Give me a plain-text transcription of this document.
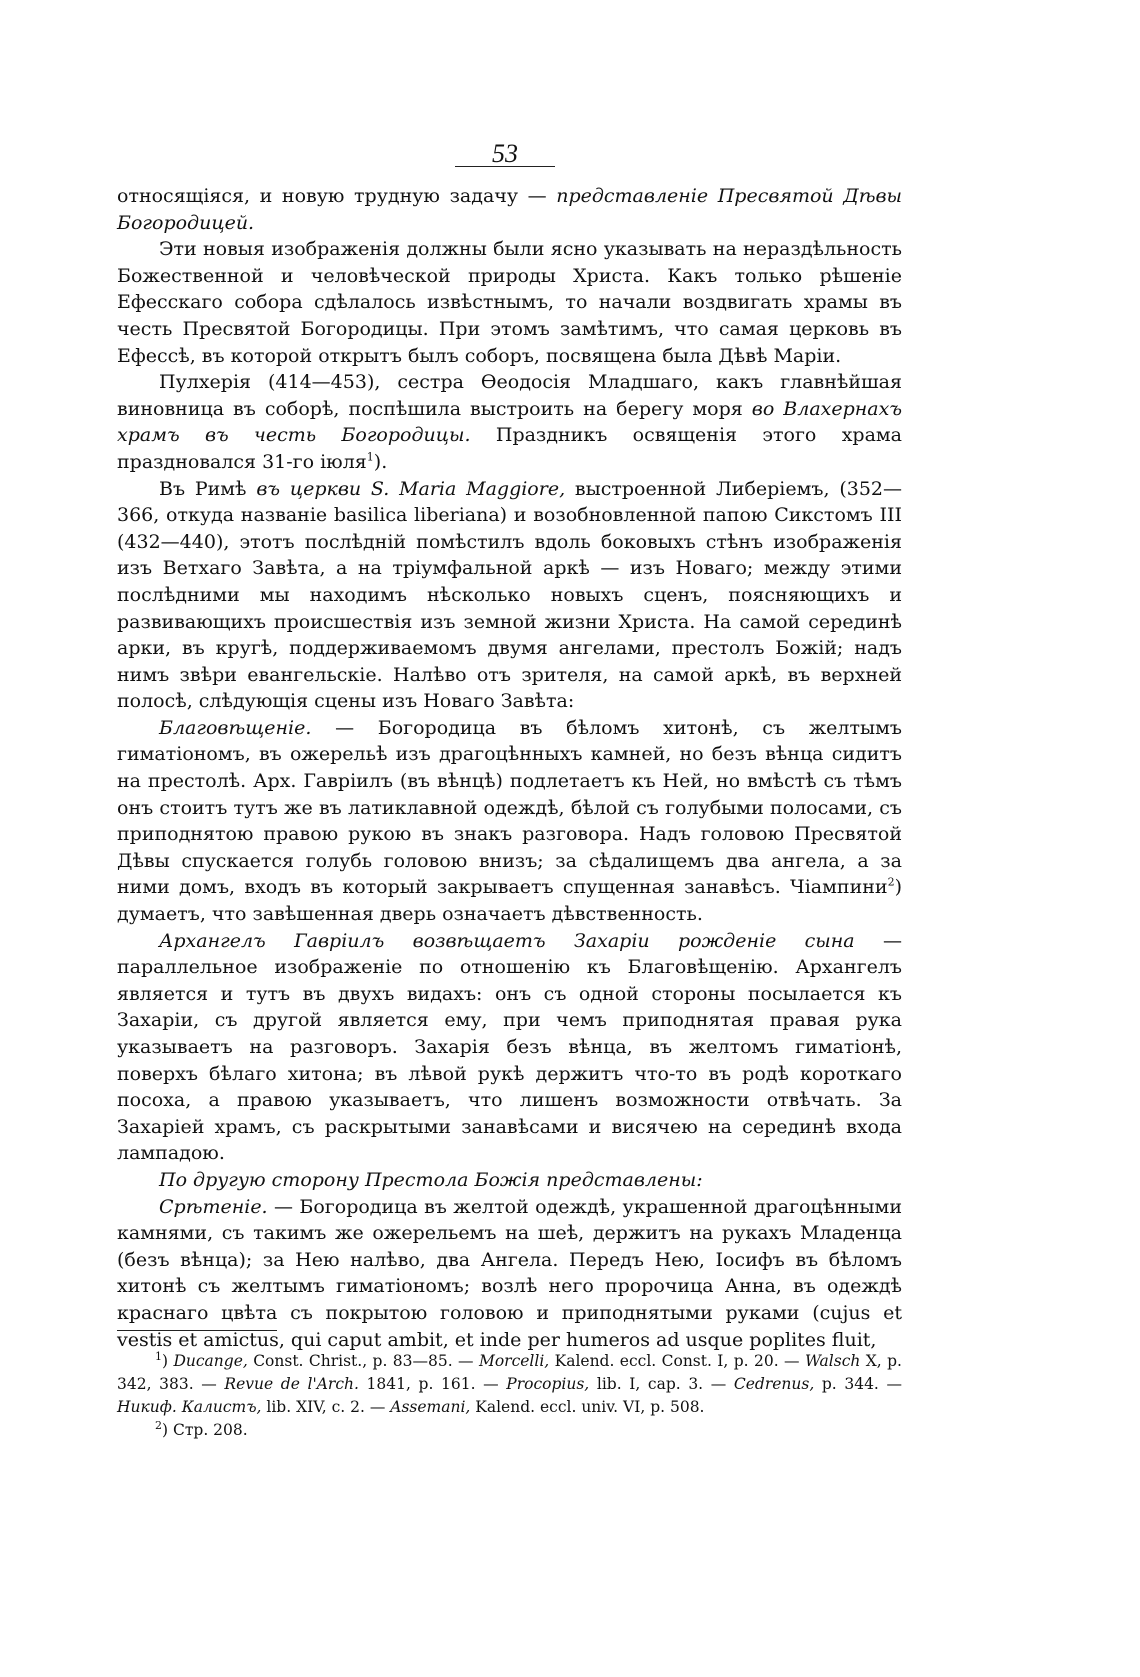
53

относящіяся, и новую трудную задачу — представленіе Пресвятой Дѣвы Богородицей.

Эти новыя изображенія должны были ясно указывать на нераздѣльность Божественной и человѣческой природы Христа. Какъ только рѣшеніе Ефесскаго собора сдѣлалось извѣстнымъ, то начали воздвигать храмы въ честь Пресвятой Богородицы. При этомъ замѣтимъ, что самая церковь въ Ефессѣ, въ которой открытъ былъ соборъ, посвящена была Дѣвѣ Маріи.

Пулхерія (414—453), сестра Ѳеодосія Младшаго, какъ главнѣйшая виновница въ соборѣ, поспѣшила выстроить на берегу моря во Влахернахъ храмъ въ честь Богородицы. Праздникъ освященія этого храма праздновался 31-го іюля$^1$).

Въ Римѣ въ церкви S. Maria Maggiore, выстроенной Либеріемъ, (352—366, откуда названіе basilica liberiana) и возобновленной папою Сикстомъ III (432—440), этотъ послѣдній помѣстилъ вдоль боковыхъ стѣнъ изображенія изъ Ветхаго Завѣта, а на тріумфальной аркѣ — изъ Новаго; между этими послѣдними мы находимъ нѣсколько новыхъ сценъ, поясняющихъ и развивающихъ происшествія изъ земной жизни Христа. На самой серединѣ арки, въ кругѣ, поддерживаемомъ двумя ангелами, престолъ Божій; надъ нимъ звѣри евангельскіе. Налѣво отъ зрителя, на самой аркѣ, въ верхней полосѣ, слѣдующія сцены изъ Новаго Завѣта:

Благовѣщеніе. — Богородица въ бѣломъ хитонѣ, съ желтымъ гиматіономъ, въ ожерельѣ изъ драгоцѣнныхъ камней, но безъ вѣнца сидитъ на престолѣ. Арх. Гавріилъ (въ вѣнцѣ) подлетаетъ къ Ней, но вмѣстѣ съ тѣмъ онъ стоитъ тутъ же въ латиклавной одеждѣ, бѣлой съ голубыми полосами, съ приподнятою правою рукою въ знакъ разговора. Надъ головою Пресвятой Дѣвы спускается голубь головою внизъ; за сѣдалищемъ два ангела, а за ними домъ, входъ въ который закрываетъ спущенная занавѣсъ. Чіампини$^2$) думаетъ, что завѣшенная дверь означаетъ дѣвственность.

Архангелъ Гавріилъ возвѣщаетъ Захаріи рожденіе сына — параллельное изображеніе по отношенію къ Благовѣщенію. Архангелъ является и тутъ въ двухъ видахъ: онъ съ одной стороны посылается къ Захаріи, съ другой является ему, при чемъ приподнятая правая рука указываетъ на разговоръ. Захарія безъ вѣнца, въ желтомъ гиматіонѣ, поверхъ бѣлаго хитона; въ лѣвой рукѣ держитъ что-то въ родѣ короткаго посоха, а правою указываетъ, что лишенъ возможности отвѣчать. За Захаріей храмъ, съ раскрытыми занавѣсами и висячею на серединѣ входа лампадою.

По другую сторону Престола Божія представлены:

Срѣтеніе. — Богородица въ желтой одеждѣ, украшенной драгоцѣнными камнями, съ такимъ же ожерельемъ на шеѣ, держитъ на рукахъ Младенца (безъ вѣнца); за Нею налѣво, два Ангела. Передъ Нею, Іосифъ въ бѣломъ хитонѣ съ желтымъ гиматіономъ; возлѣ него пророчица Анна, въ одеждѣ краснаго цвѣта съ покрытою головою и приподнятыми руками (cujus et vestis et amictus, qui caput ambit, et inde per humeros ad usque poplites fluit,

$^1$) Ducange, Const. Christ., p. 83—85. — Morcelli, Kalend. eccl. Const. I, p. 20. — Walsch X, p. 342, 383. — Revue de l'Arch. 1841, p. 161. — Procopius, lib. I, cap. 3. — Cedrenus, p. 344. — Никиф. Калистъ, lib. XIV, c. 2. — Assemani, Kalend. eccl. univ. VI, p. 508.

$^2$) Стр. 208.
